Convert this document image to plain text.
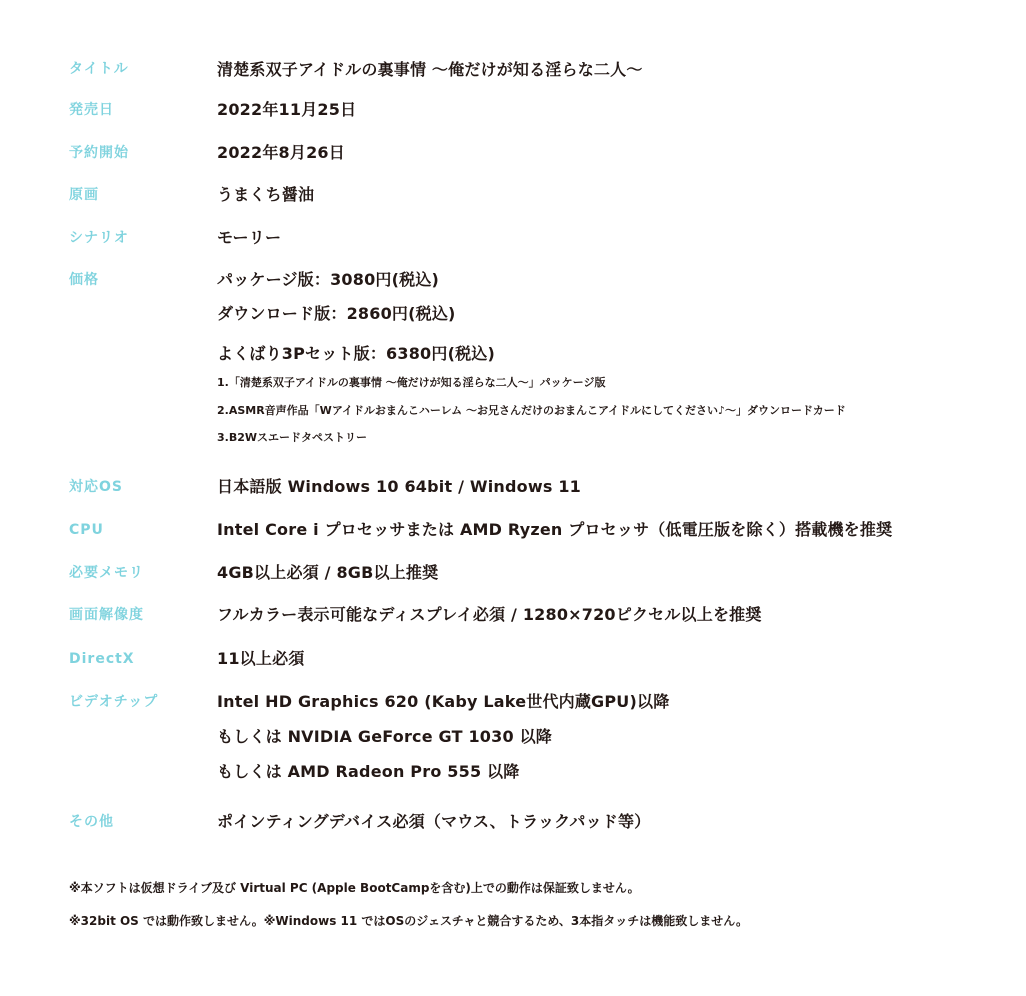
タイトル	清楚系双子アイドルの裏事情 〜俺だけが知る淫らな二人〜
発売日	2022年11月25日
予約開始	2022年8月26日
原画	うまくち醤油
シナリオ	モーリー
価格	パッケージ版：3080円(税込)
ダウンロード版：2860円(税込)
よくばり3Pセット版：6380円(税込)
1.「清楚系双子アイドルの裏事情 〜俺だけが知る淫らな二人〜」パッケージ版
2.ASMR音声作品「Wアイドルおまんこハーレム 〜お兄さんだけのおまんこアイドルにしてください♪〜」ダウンロードカード
3.B2Wスエードタペストリー
対応OS	日本語版 Windows 10 64bit / Windows 11
CPU	Intel Core i プロセッサまたは AMD Ryzen プロセッサ（低電圧版を除く）搭載機を推奨
必要メモリ	4GB以上必須 / 8GB以上推奨
画面解像度	フルカラー表示可能なディスプレイ必須 / 1280×720ピクセル以上を推奨
DirectX	11以上必須
ビデオチップ	Intel HD Graphics 620 (Kaby Lake世代内蔵GPU)以降
もしくは NVIDIA GeForce GT 1030 以降
もしくは AMD Radeon Pro 555 以降
その他	ポインティングデバイス必須（マウス、トラックパッド等）
※本ソフトは仮想ドライブ及び Virtual PC (Apple BootCampを含む)上での動作は保証致しません。
※32bit OS では動作致しません。※Windows 11 ではOSのジェスチャと競合するため、3本指タッチは機能致しません。
